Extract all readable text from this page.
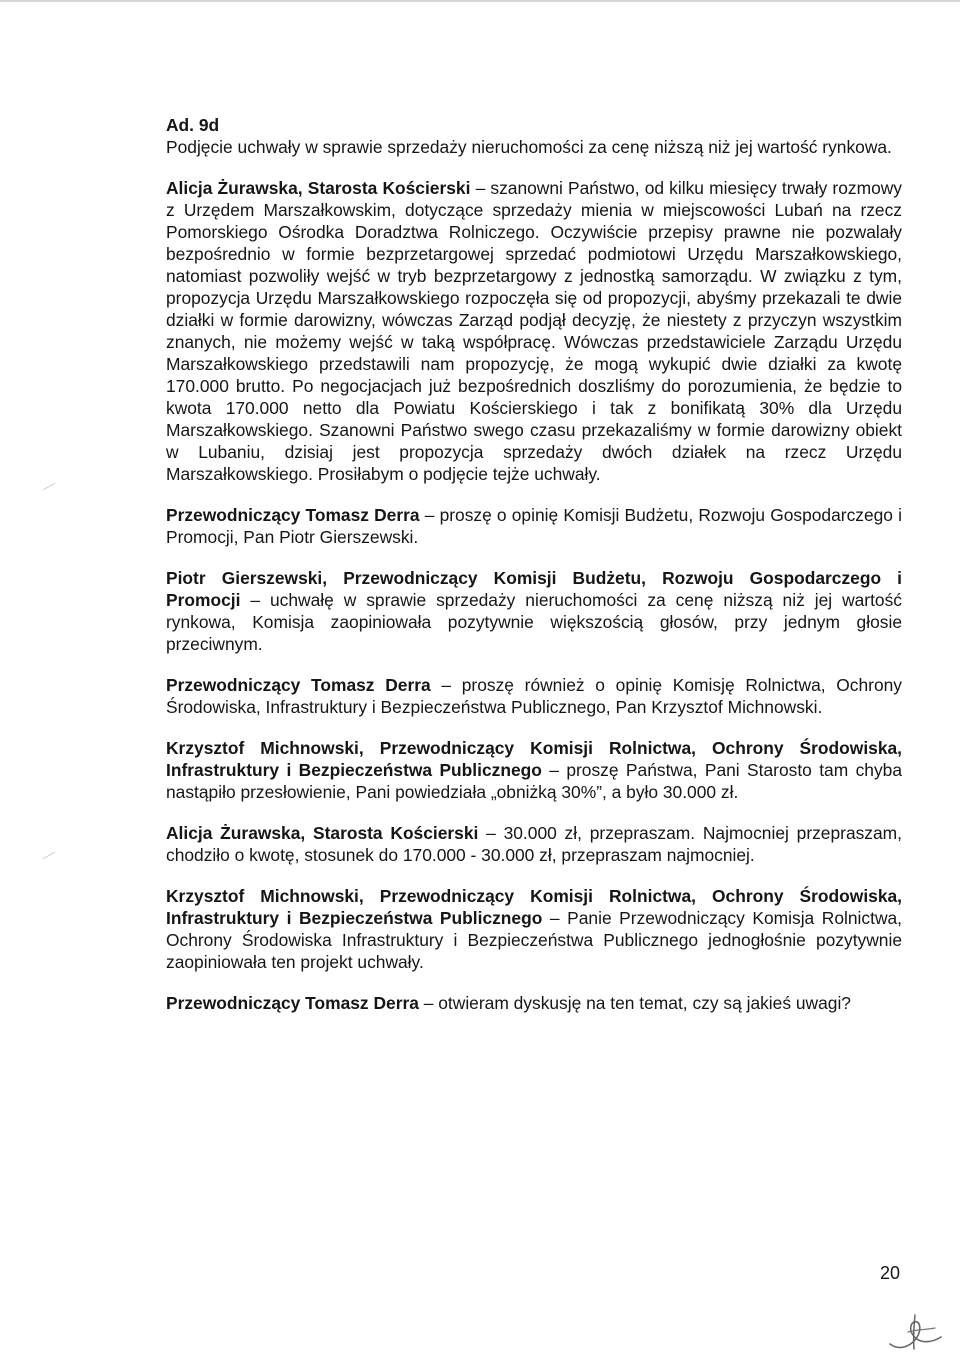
Ad. 9d
Podjęcie uchwały w sprawie sprzedaży nieruchomości za cenę niższą niż jej wartość rynkowa.

Alicja Żurawska, Starosta Kościerski – szanowni Państwo, od kilku miesięcy trwały rozmowy z Urzędem Marszałkowskim, dotyczące sprzedaży mienia w miejscowości Lubań na rzecz Pomorskiego Ośrodka Doradztwa Rolniczego. Oczywiście przepisy prawne nie pozwalały bezpośrednio w formie bezprzetargowej sprzedać podmiotowi Urzędu Marszałkowskiego, natomiast pozwoliły wejść w tryb bezprzetargowy z jednostką samorządu. W związku z tym, propozycja Urzędu Marszałkowskiego rozpoczęła się od propozycji, abyśmy przekazali te dwie działki w formie darowizny, wówczas Zarząd podjął decyzję, że niestety z przyczyn wszystkim znanych, nie możemy wejść w taką współpracę. Wówczas przedstawiciele Zarządu Urzędu Marszałkowskiego przedstawili nam propozycję, że mogą wykupić dwie działki za kwotę 170.000 brutto. Po negocjacjach już bezpośrednich doszliśmy do porozumienia, że będzie to kwota 170.000 netto dla Powiatu Kościerskiego i tak z bonifikatą 30% dla Urzędu Marszałkowskiego. Szanowni Państwo swego czasu przekazaliśmy w formie darowizny obiekt w Lubaniu, dzisiaj jest propozycja sprzedaży dwóch działek na rzecz Urzędu Marszałkowskiego. Prosiłabym o podjęcie tejże uchwały.

Przewodniczący Tomasz Derra – proszę o opinię Komisji Budżetu, Rozwoju Gospodarczego i Promocji, Pan Piotr Gierszewski.

Piotr Gierszewski, Przewodniczący Komisji Budżetu, Rozwoju Gospodarczego i Promocji – uchwałę w sprawie sprzedaży nieruchomości za cenę niższą niż jej wartość rynkowa, Komisja zaopiniowała pozytywnie większością głosów, przy jednym głosie przeciwnym.

Przewodniczący Tomasz Derra – proszę również o opinię Komisję Rolnictwa, Ochrony Środowiska, Infrastruktury i Bezpieczeństwa Publicznego, Pan Krzysztof Michnowski.

Krzysztof Michnowski, Przewodniczący Komisji Rolnictwa, Ochrony Środowiska, Infrastruktury i Bezpieczeństwa Publicznego – proszę Państwa, Pani Starosto tam chyba nastąpiło przesłowienie, Pani powiedziała „obniżką 30%”, a było 30.000 zł.

Alicja Żurawska, Starosta Kościerski – 30.000 zł, przepraszam. Najmocniej przepraszam, chodziło o kwotę, stosunek do 170.000 - 30.000 zł, przepraszam najmocniej.

Krzysztof Michnowski, Przewodniczący Komisji Rolnictwa, Ochrony Środowiska, Infrastruktury i Bezpieczeństwa Publicznego – Panie Przewodniczący Komisja Rolnictwa, Ochrony Środowiska Infrastruktury i Bezpieczeństwa Publicznego jednogłośnie pozytywnie zaopiniowała ten projekt uchwały.

Przewodniczący Tomasz Derra – otwieram dyskusję na ten temat, czy są jakieś uwagi?

20
